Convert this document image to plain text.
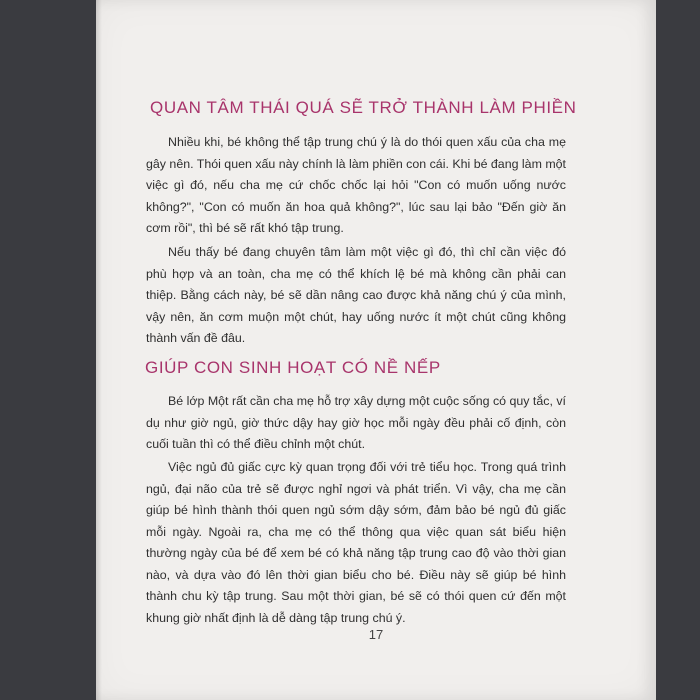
QUAN TÂM THÁI QUÁ SẼ TRỞ THÀNH LÀM PHIỀN

Nhiều khi, bé không thể tập trung chú ý là do thói quen xấu của cha mẹ gây nên. Thói quen xấu này chính là làm phiền con cái. Khi bé đang làm một việc gì đó, nếu cha mẹ cứ chốc chốc lại hỏi "Con có muốn uống nước không?", "Con có muốn ăn hoa quả không?", lúc sau lại bảo "Đến giờ ăn cơm rồi", thì bé sẽ rất khó tập trung.

Nếu thấy bé đang chuyên tâm làm một việc gì đó, thì chỉ cần việc đó phù hợp và an toàn, cha mẹ có thể khích lệ bé mà không cần phải can thiệp. Bằng cách này, bé sẽ dần nâng cao được khả năng chú ý của mình, vậy nên, ăn cơm muộn một chút, hay uống nước ít một chút cũng không thành vấn đề đâu.

GIÚP CON SINH HOẠT CÓ NỀ NẾP

Bé lớp Một rất cần cha mẹ hỗ trợ xây dựng một cuộc sống có quy tắc, ví dụ như giờ ngủ, giờ thức dậy hay giờ học mỗi ngày đều phải cố định, còn cuối tuần thì có thể điều chỉnh một chút.

Việc ngủ đủ giấc cực kỳ quan trọng đối với trẻ tiểu học. Trong quá trình ngủ, đại não của trẻ sẽ được nghỉ ngơi và phát triển. Vì vậy, cha mẹ cần giúp bé hình thành thói quen ngủ sớm dậy sớm, đảm bảo bé ngủ đủ giấc mỗi ngày. Ngoài ra, cha mẹ có thể thông qua việc quan sát biểu hiện thường ngày của bé để xem bé có khả năng tập trung cao độ vào thời gian nào, và dựa vào đó lên thời gian biểu cho bé. Điều này sẽ giúp bé hình thành chu kỳ tập trung. Sau một thời gian, bé sẽ có thói quen cứ đến một khung giờ nhất định là dễ dàng tập trung chú ý.

17
